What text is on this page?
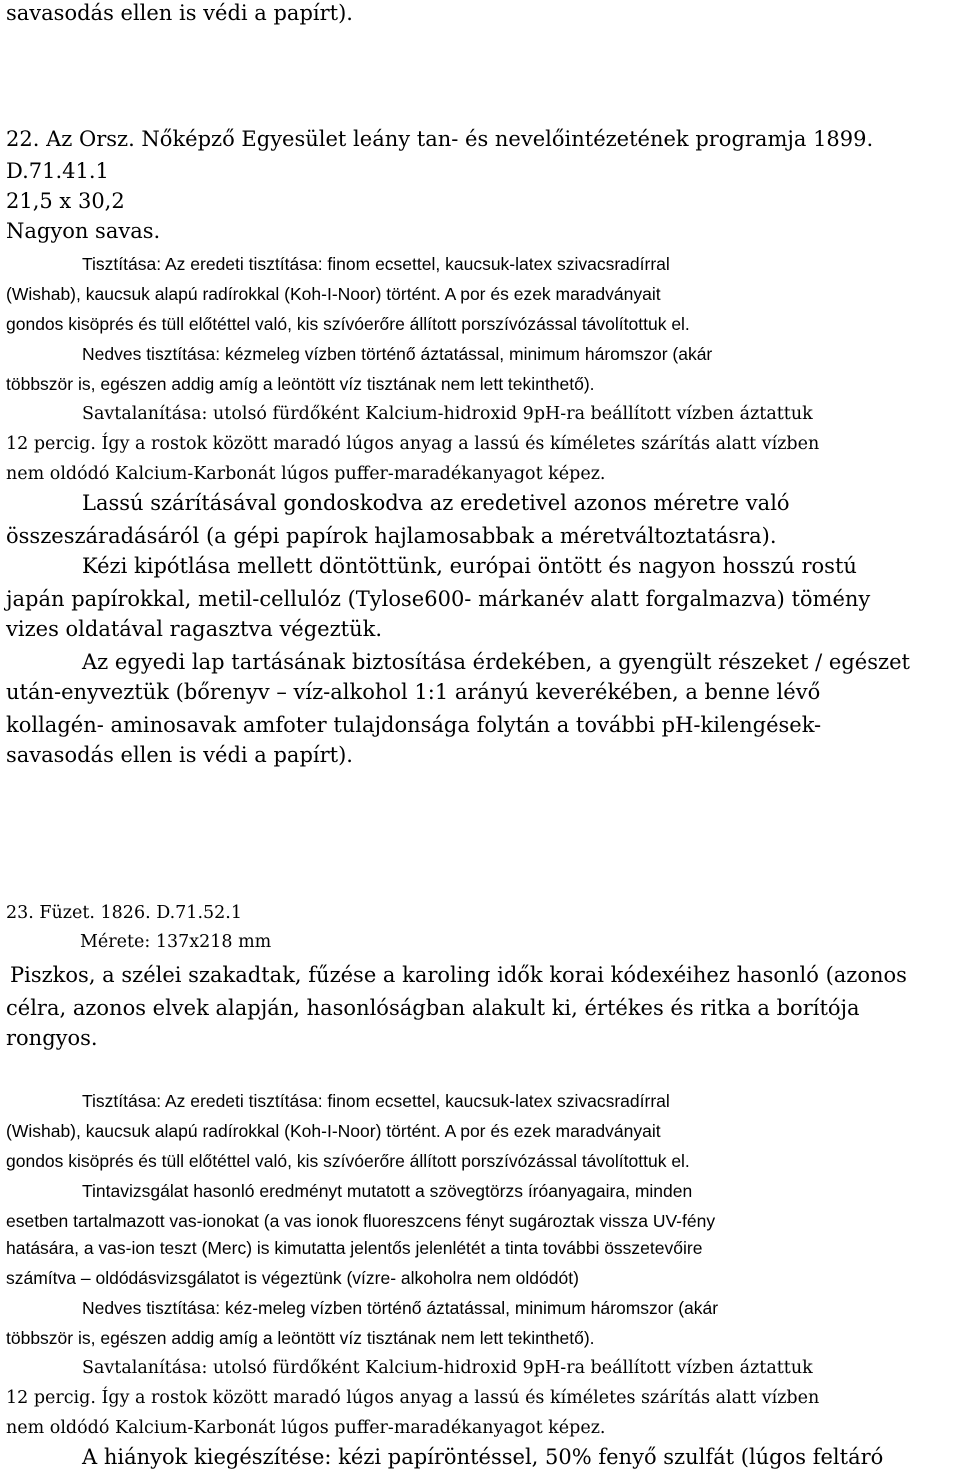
savasodás ellen is védi a papírt).
22. Az Orsz. Nőképző Egyesület leány tan- és nevelőintézetének programja 1899.
D.71.41.1
21,5 x 30,2
Nagyon savas.
Tisztítása: Az eredeti tisztítása: finom ecsettel, kaucsuk-latex szivacsradírral
(Wishab), kaucsuk alapú radírokkal (Koh-I-Noor) történt. A por és ezek maradványait
gondos kisöprés és tüll előtéttel való, kis szívóerőre állított porszívózással távolítottuk el.
Nedves tisztítása: kézmeleg vízben történő áztatással, minimum háromszor (akár
többször is, egészen addig amíg a leöntött víz tisztának nem lett tekinthető).
Savtalanítása: utolsó fürdőként Kalcium-hidroxid 9pH-ra beállított vízben áztattuk
12 percig. Így a rostok között maradó lúgos anyag a lassú és kíméletes szárítás alatt vízben
nem oldódó Kalcium-Karbonát lúgos puffer-maradékanyagot képez.
Lassú szárításával gondoskodva az eredetivel azonos méretre való
összeszáradásáról (a gépi papírok hajlamosabbak a méretváltoztatásra).
Kézi kipótlása mellett döntöttünk, európai öntött és nagyon hosszú rostú
japán papírokkal, metil-cellulóz (Tylose600- márkanév alatt forgalmazva) tömény
vizes oldatával ragasztva végeztük.
Az egyedi lap tartásának biztosítása érdekében, a gyengült részeket / egészet
után-enyveztük (bőrenyv – víz-alkohol 1:1 arányú keverékében, a benne lévő
kollagén- aminosavak amfoter tulajdonsága folytán a további pH-kilengések-
savasodás ellen is védi a papírt).
23. Füzet. 1826. D.71.52.1
Mérete: 137x218 mm
Piszkos, a szélei szakadtak, fűzése a karoling idők korai kódexéihez hasonló (azonos
célra, azonos elvek alapján, hasonlóságban alakult ki, értékes és ritka a borítója
rongyos.
Tisztítása: Az eredeti tisztítása: finom ecsettel, kaucsuk-latex szivacsradírral
(Wishab), kaucsuk alapú radírokkal (Koh-I-Noor) történt. A por és ezek maradványait
gondos kisöprés és tüll előtéttel való, kis szívóerőre állított porszívózással távolítottuk el.
Tintavizsgálat hasonló eredményt mutatott a szövegtörzs íróanyagaira, minden
esetben tartalmazott vas-ionokat (a vas ionok fluoreszcens fényt sugároztak vissza UV-fény
hatására, a vas-ion teszt (Merc) is kimutatta jelentős jelenlétét a tinta további összetevőire
számítva – oldódásvizsgálatot is végeztünk (vízre- alkoholra nem oldódót)
Nedves tisztítása: kéz-meleg vízben történő áztatással, minimum háromszor (akár
többször is, egészen addig amíg a leöntött víz tisztának nem lett tekinthető).
Savtalanítása: utolsó fürdőként Kalcium-hidroxid 9pH-ra beállított vízben áztattuk
12 percig. Így a rostok között maradó lúgos anyag a lassú és kíméletes szárítás alatt vízben
nem oldódó Kalcium-Karbonát lúgos puffer-maradékanyagot képez.
A hiányok kiegészítése: kézi papíröntéssel, 50% fenyő szulfát (lúgos feltáró
